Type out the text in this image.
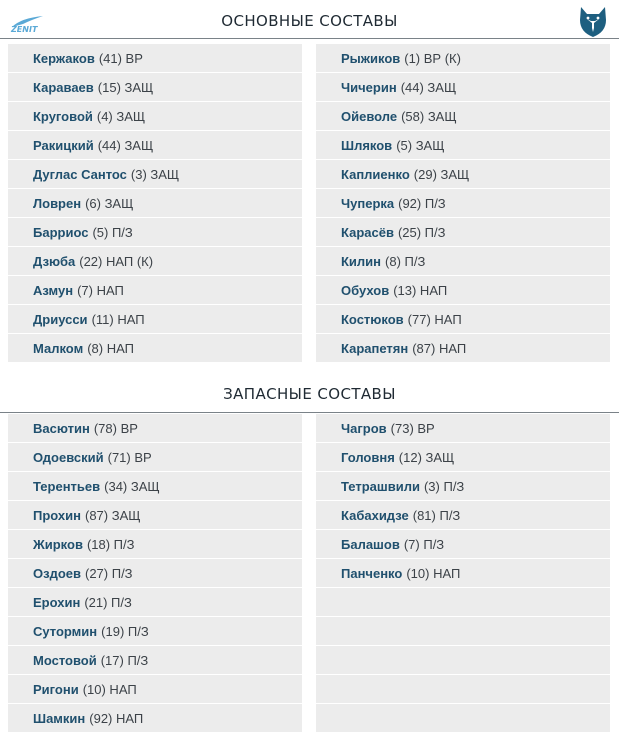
ZENIT	ОСНОВНЫЕ СОСТАВЫ
Кержаков (41) ВР
Караваев (15) ЗАЩ
Круговой (4) ЗАЩ
Ракицкий (44) ЗАЩ
Дуглас Сантос (3) ЗАЩ
Ловрен (6) ЗАЩ
Барриос (5) П/З
Дзюба (22) НАП (К)
Азмун (7) НАП
Дриусси (11) НАП
Малком (8) НАП
Рыжиков (1) ВР (К)
Чичерин (44) ЗАЩ
Ойеволе (58) ЗАЩ
Шляков (5) ЗАЩ
Каплиенко (29) ЗАЩ
Чуперка (92) П/З
Карасёв (25) П/З
Килин (8) П/З
Обухов (13) НАП
Костюков (77) НАП
Карапетян (87) НАП
ЗАПАСНЫЕ СОСТАВЫ
Васютин (78) ВР
Одоевский (71) ВР
Терентьев (34) ЗАЩ
Прохин (87) ЗАЩ
Жирков (18) П/З
Оздоев (27) П/З
Ерохин (21) П/З
Сутормин (19) П/З
Мостовой (17) П/З
Ригони (10) НАП
Шамкин (92) НАП
Чагров (73) ВР
Головня (12) ЗАЩ
Тетрашвили (3) П/З
Кабахидзе (81) П/З
Балашов (7) П/З
Панченко (10) НАП
